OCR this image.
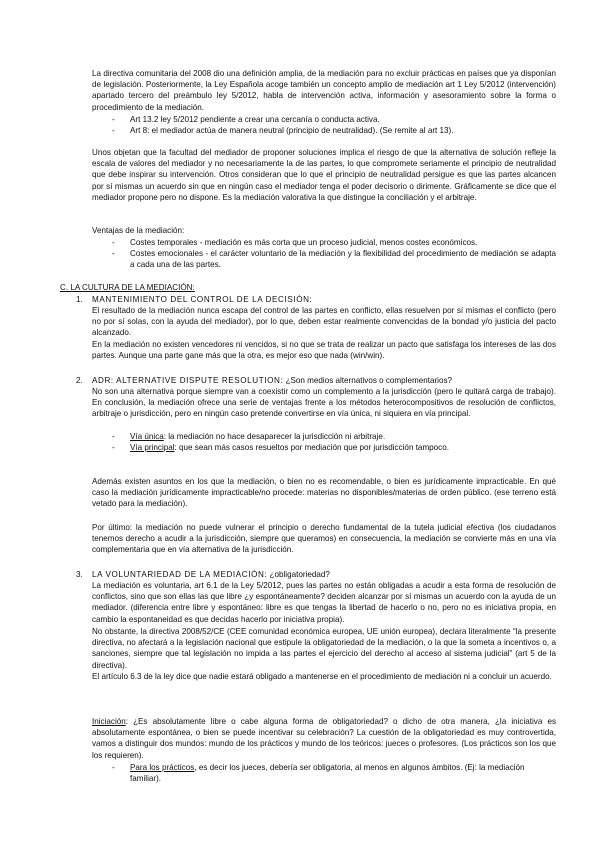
La directiva comunitaria del 2008 dio una definición amplia, de la mediación para no excluir prácticas en países que ya disponían de legislación. Posteriormente, la Ley Española acoge también un concepto amplio de mediación art 1 Ley 5/2012 (intervención) apartado tercero del preámbulo ley 5/2012, habla de intervención activa, información y asesoramiento sobre la forma o procedimiento de la mediación.

-	Art 13.2 ley 5/2012 pendiente a crear una cercanía o conducta activa.
-	Art 8: el mediador actúa de manera neutral (principio de neutralidad). (Se remite al art 13).

Unos objetan que la facultad del mediador de proponer soluciones implica el riesgo de que la alternativa de solución refleje la escala de valores del mediador y no necesariamente la de las partes, lo que compromete seriamente el principio de neutralidad que debe inspirar su intervención. Otros consideran que lo que el principio de neutralidad persigue es que las partes alcancen por sí mismas un acuerdo sin que en ningún caso el mediador tenga el poder decisorio o dirimente. Gráficamente se dice que el mediador propone pero no dispone. Es la mediación valorativa la que distingue la conciliación y el arbitraje.

Ventajas de la mediación:

-	Costes temporales - mediación es más corta que un proceso judicial, menos costes económicos.
-	Costes emocionales - el carácter voluntario de la mediación y la flexibilidad del procedimiento de mediación se adapta a cada una de las partes.

C. LA CULTURA DE LA MEDIACIÓN:

1. MANTENIMIENTO DEL CONTROL DE LA DECISIÓN:

El resultado de la mediación nunca escapa del control de las partes en conflicto, ellas resuelven por sí mismas el conflicto (pero no por sí solas, con la ayuda del mediador), por lo que, deben estar realmente convencidas de la bondad y/o justicia del pacto alcanzado.

En la mediación no existen vencedores ni vencidos, si no que se trata de realizar un pacto que satisfaga los intereses de las dos partes. Aunque una parte gane más que la otra, es mejor eso que nada (win/win).

2. ADR: ALTERNATIVE DISPUTE RESOLUTION: ¿Son medios alternativos o complementarios?

No son una alternativa porque siempre van a coexistir como un complemento a la jurisdicción (pero le quitará carga de trabajo). En conclusión, la mediación ofrece una serie de ventajas frente a los métodos heterocompositivos de resolución de conflictos, arbitraje o jurisdicción, pero en ningún caso pretende convertirse en vía única, ni siquiera en vía principal.

-	Vía única: la mediación no hace desaparecer la jurisdicción ni arbitraje.
-	Vía principal: que sean más casos resueltos por mediación que por jurisdicción tampoco.

Además existen asuntos en los que la mediación, o bien no es recomendable, o bien es jurídicamente impracticable. En qué caso la mediación jurídicamente impracticable/no procede: materias no disponibles/materias de orden público. (ese terreno está vetado para la mediación).

Por último: la mediación no puede vulnerar el principio o derecho fundamental de la tutela judicial efectiva (los ciudadanos tenemos derecho a acudir a la jurisdicción, siempre que queramos) en consecuencia, la mediación se convierte más en una vía complementaria que en vía alternativa de la jurisdicción.

3. LA VOLUNTARIEDAD DE LA MEDIACIÓN: ¿obligatoriedad?

La mediación es voluntaria, art 6.1 de la Ley 5/2012, pues las partes no están obligadas a acudir a esta forma de resolución de conflictos, sino que son ellas las que libre ¿y espontáneamente? deciden alcanzar por sí mismas un acuerdo con la ayuda de un mediador. (diferencia entre libre y espontáneo: libre es que tengas la libertad de hacerlo o no, pero no es iniciativa propia, en cambio la espontaneidad es que decidas hacerlo por iniciativa propia).

No obstante, la directiva 2008/52/CE (CEE comunidad económica europea, UE unión europea), declara literalmente “la presente directiva, no afectará a la legislación nacional que estipule la obligatoriedad de la mediación, o la que la someta a incentivos o, a sanciones, siempre que tal legislación no impida a las partes el ejercicio del derecho al acceso al sistema judicial” (art 5 de la directiva).

El artículo 6.3 de la ley dice que nadie estará obligado a mantenerse en el procedimiento de mediación ni a concluir un acuerdo.

Iniciación: ¿Es absolutamente libre o cabe alguna forma de obligatoriedad? o dicho de otra manera, ¿la iniciativa es absolutamente espontánea, o bien se puede incentivar su celebración? La cuestión de la obligatoriedad es muy controvertida, vamos a distinguir dos mundos: mundo de los prácticos y mundo de los teóricos: jueces o profesores. (Los prácticos son los que los requieren).

-	Para los prácticos, es decir los jueces, debería ser obligatoria, al menos en algunos ámbitos. (Ej: la mediación familiar).
